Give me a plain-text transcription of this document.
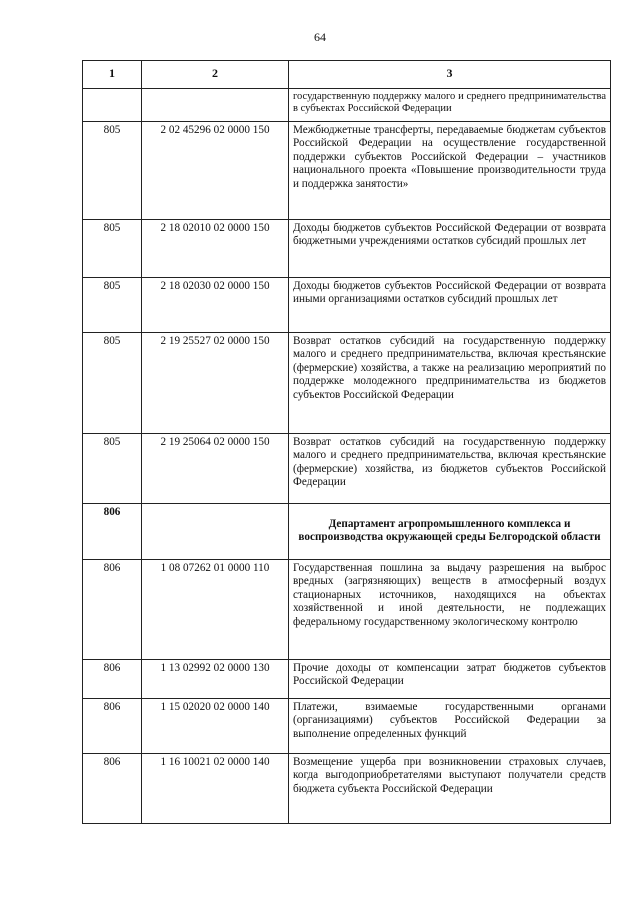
64
1	2	3
		государственную поддержку малого и среднего предпринимательства в субъектах Российской Федерации
805	2 02 45296 02 0000 150	Межбюджетные трансферты, передаваемые бюджетам субъектов Российской Федерации на осуществление государственной поддержки субъектов Российской Федерации – участников национального проекта «Повышение производительности труда и поддержка занятости»
805	2 18 02010 02 0000 150	Доходы бюджетов субъектов Российской Федерации от возврата бюджетными учреждениями остатков субсидий прошлых лет
805	2 18 02030 02 0000 150	Доходы бюджетов субъектов Российской Федерации от возврата иными организациями остатков субсидий прошлых лет
805	2 19 25527 02 0000 150	Возврат остатков субсидий на государственную поддержку малого и среднего предпринимательства, включая крестьянские (фермерские) хозяйства, а также на реализацию мероприятий по поддержке молодежного предпринимательства из бюджетов субъектов Российской Федерации
805	2 19 25064 02 0000 150	Возврат остатков субсидий на государственную поддержку малого и среднего предпринимательства, включая крестьянские (фермерские) хозяйства, из бюджетов субъектов Российской Федерации
806		Департамент агропромышленного комплекса и воспроизводства окружающей среды Белгородской области
806	1 08 07262 01 0000 110	Государственная пошлина за выдачу разрешения на выброс вредных (загрязняющих) веществ в атмосферный воздух стационарных источников, находящихся на объектах хозяйственной и иной деятельности, не подлежащих федеральному государственному экологическому контролю
806	1 13 02992 02 0000 130	Прочие доходы от компенсации затрат бюджетов субъектов Российской Федерации
806	1 15 02020 02 0000 140	Платежи, взимаемые государственными органами (организациями) субъектов Российской Федерации за выполнение определенных функций
806	1 16 10021 02 0000 140	Возмещение ущерба при возникновении страховых случаев, когда выгодоприобретателями выступают получатели средств бюджета субъекта Российской Федерации
